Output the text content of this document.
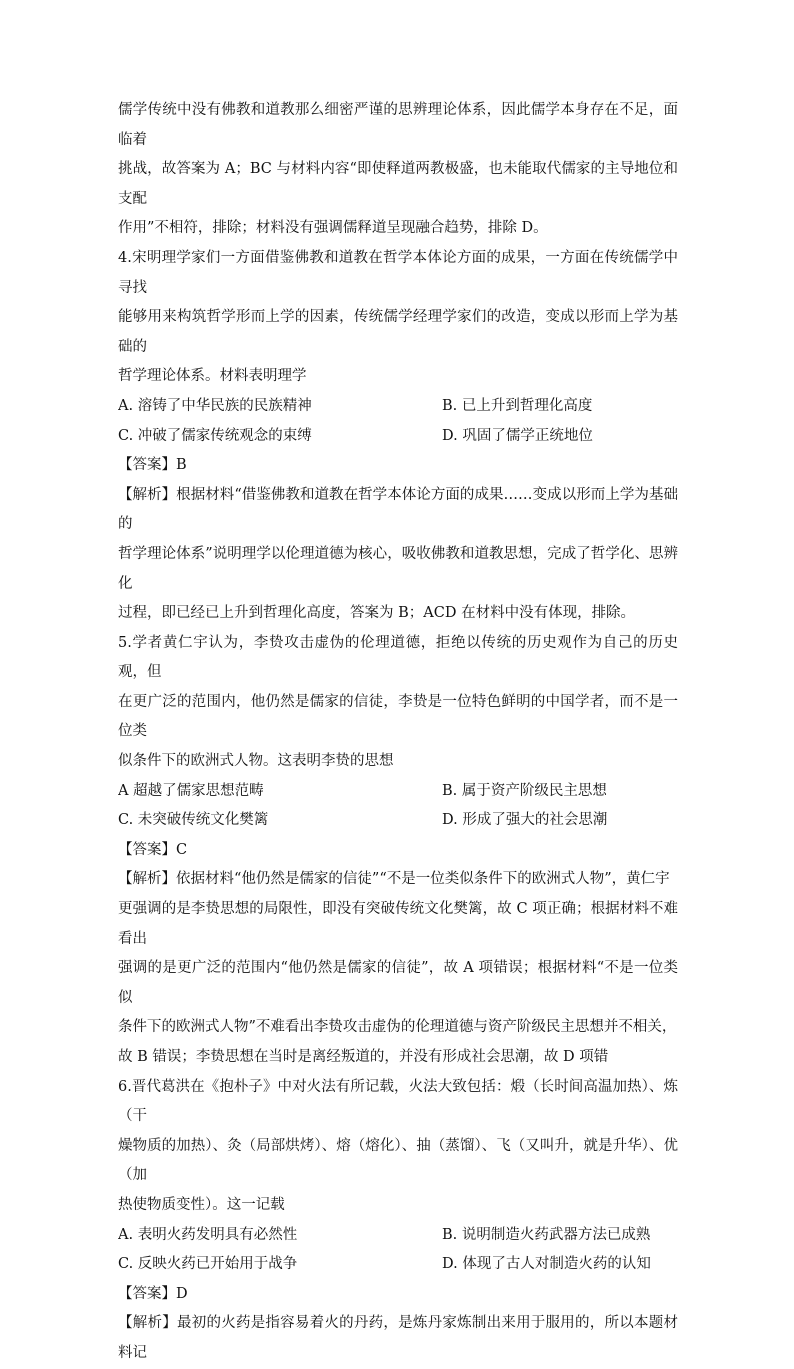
儒学传统中没有佛教和道教那么细密严谨的思辨理论体系，因此儒学本身存在不足，面临着
挑战，故答案为 A；BC 与材料内容“即使释道两教极盛，也未能取代儒家的主导地位和支配
作用”不相符，排除；材料没有强调儒释道呈现融合趋势，排除 D。

4.宋明理学家们一方面借鉴佛教和道教在哲学本体论方面的成果，一方面在传统儒学中寻找
能够用来构筑哲学形而上学的因素，传统儒学经理学家们的改造，变成以形而上学为基础的
哲学理论体系。材料表明理学

A. 溶铸了中华民族的民族精神	B. 已上升到哲理化高度
C. 冲破了儒家传统观念的束缚	D. 巩固了儒学正统地位

【答案】B

【解析】根据材料“借鉴佛教和道教在哲学本体论方面的成果……变成以形而上学为基础的
哲学理论体系”说明理学以伦理道德为核心，吸收佛教和道教思想，完成了哲学化、思辨化
过程，即已经已上升到哲理化高度，答案为 B；ACD 在材料中没有体现，排除。

5.学者黄仁宇认为，李贽攻击虚伪的伦理道德，拒绝以传统的历史观作为自己的历史观，但
在更广泛的范围内，他仍然是儒家的信徒，李贽是一位特色鲜明的中国学者，而不是一位类
似条件下的欧洲式人物。这表明李贽的思想

A 超越了儒家思想范畴	B. 属于资产阶级民主思想
C. 未突破传统文化樊篱	D. 形成了强大的社会思潮

【答案】C

【解析】依据材料“他仍然是儒家的信徒”“不是一位类似条件下的欧洲式人物”，黄仁宇
更强调的是李贽思想的局限性，即没有突破传统文化樊篱，故 C 项正确；根据材料不难看出
强调的是更广泛的范围内“他仍然是儒家的信徒”，故 A 项错误；根据材料“不是一位类似
条件下的欧洲式人物”不难看出李贽攻击虚伪的伦理道德与资产阶级民主思想并不相关，
故 B 错误；李贽思想在当时是离经叛道的，并没有形成社会思潮，故 D 项错

6.晋代葛洪在《抱朴子》中对火法有所记载，火法大致包括：煅（长时间高温加热）、炼（干
燥物质的加热）、灸（局部烘烤）、熔（熔化）、抽（蒸馏）、飞（又叫升，就是升华）、优（加
热使物质变性）。这一记载

A. 表明火药发明具有必然性	B. 说明制造火药武器方法已成熟
C. 反映火药已开始用于战争	D. 体现了古人对制造火药的认知

【答案】D

【解析】最初的火药是指容易着火的丹药，是炼丹家炼制出来用于服用的，所以本题材料记
